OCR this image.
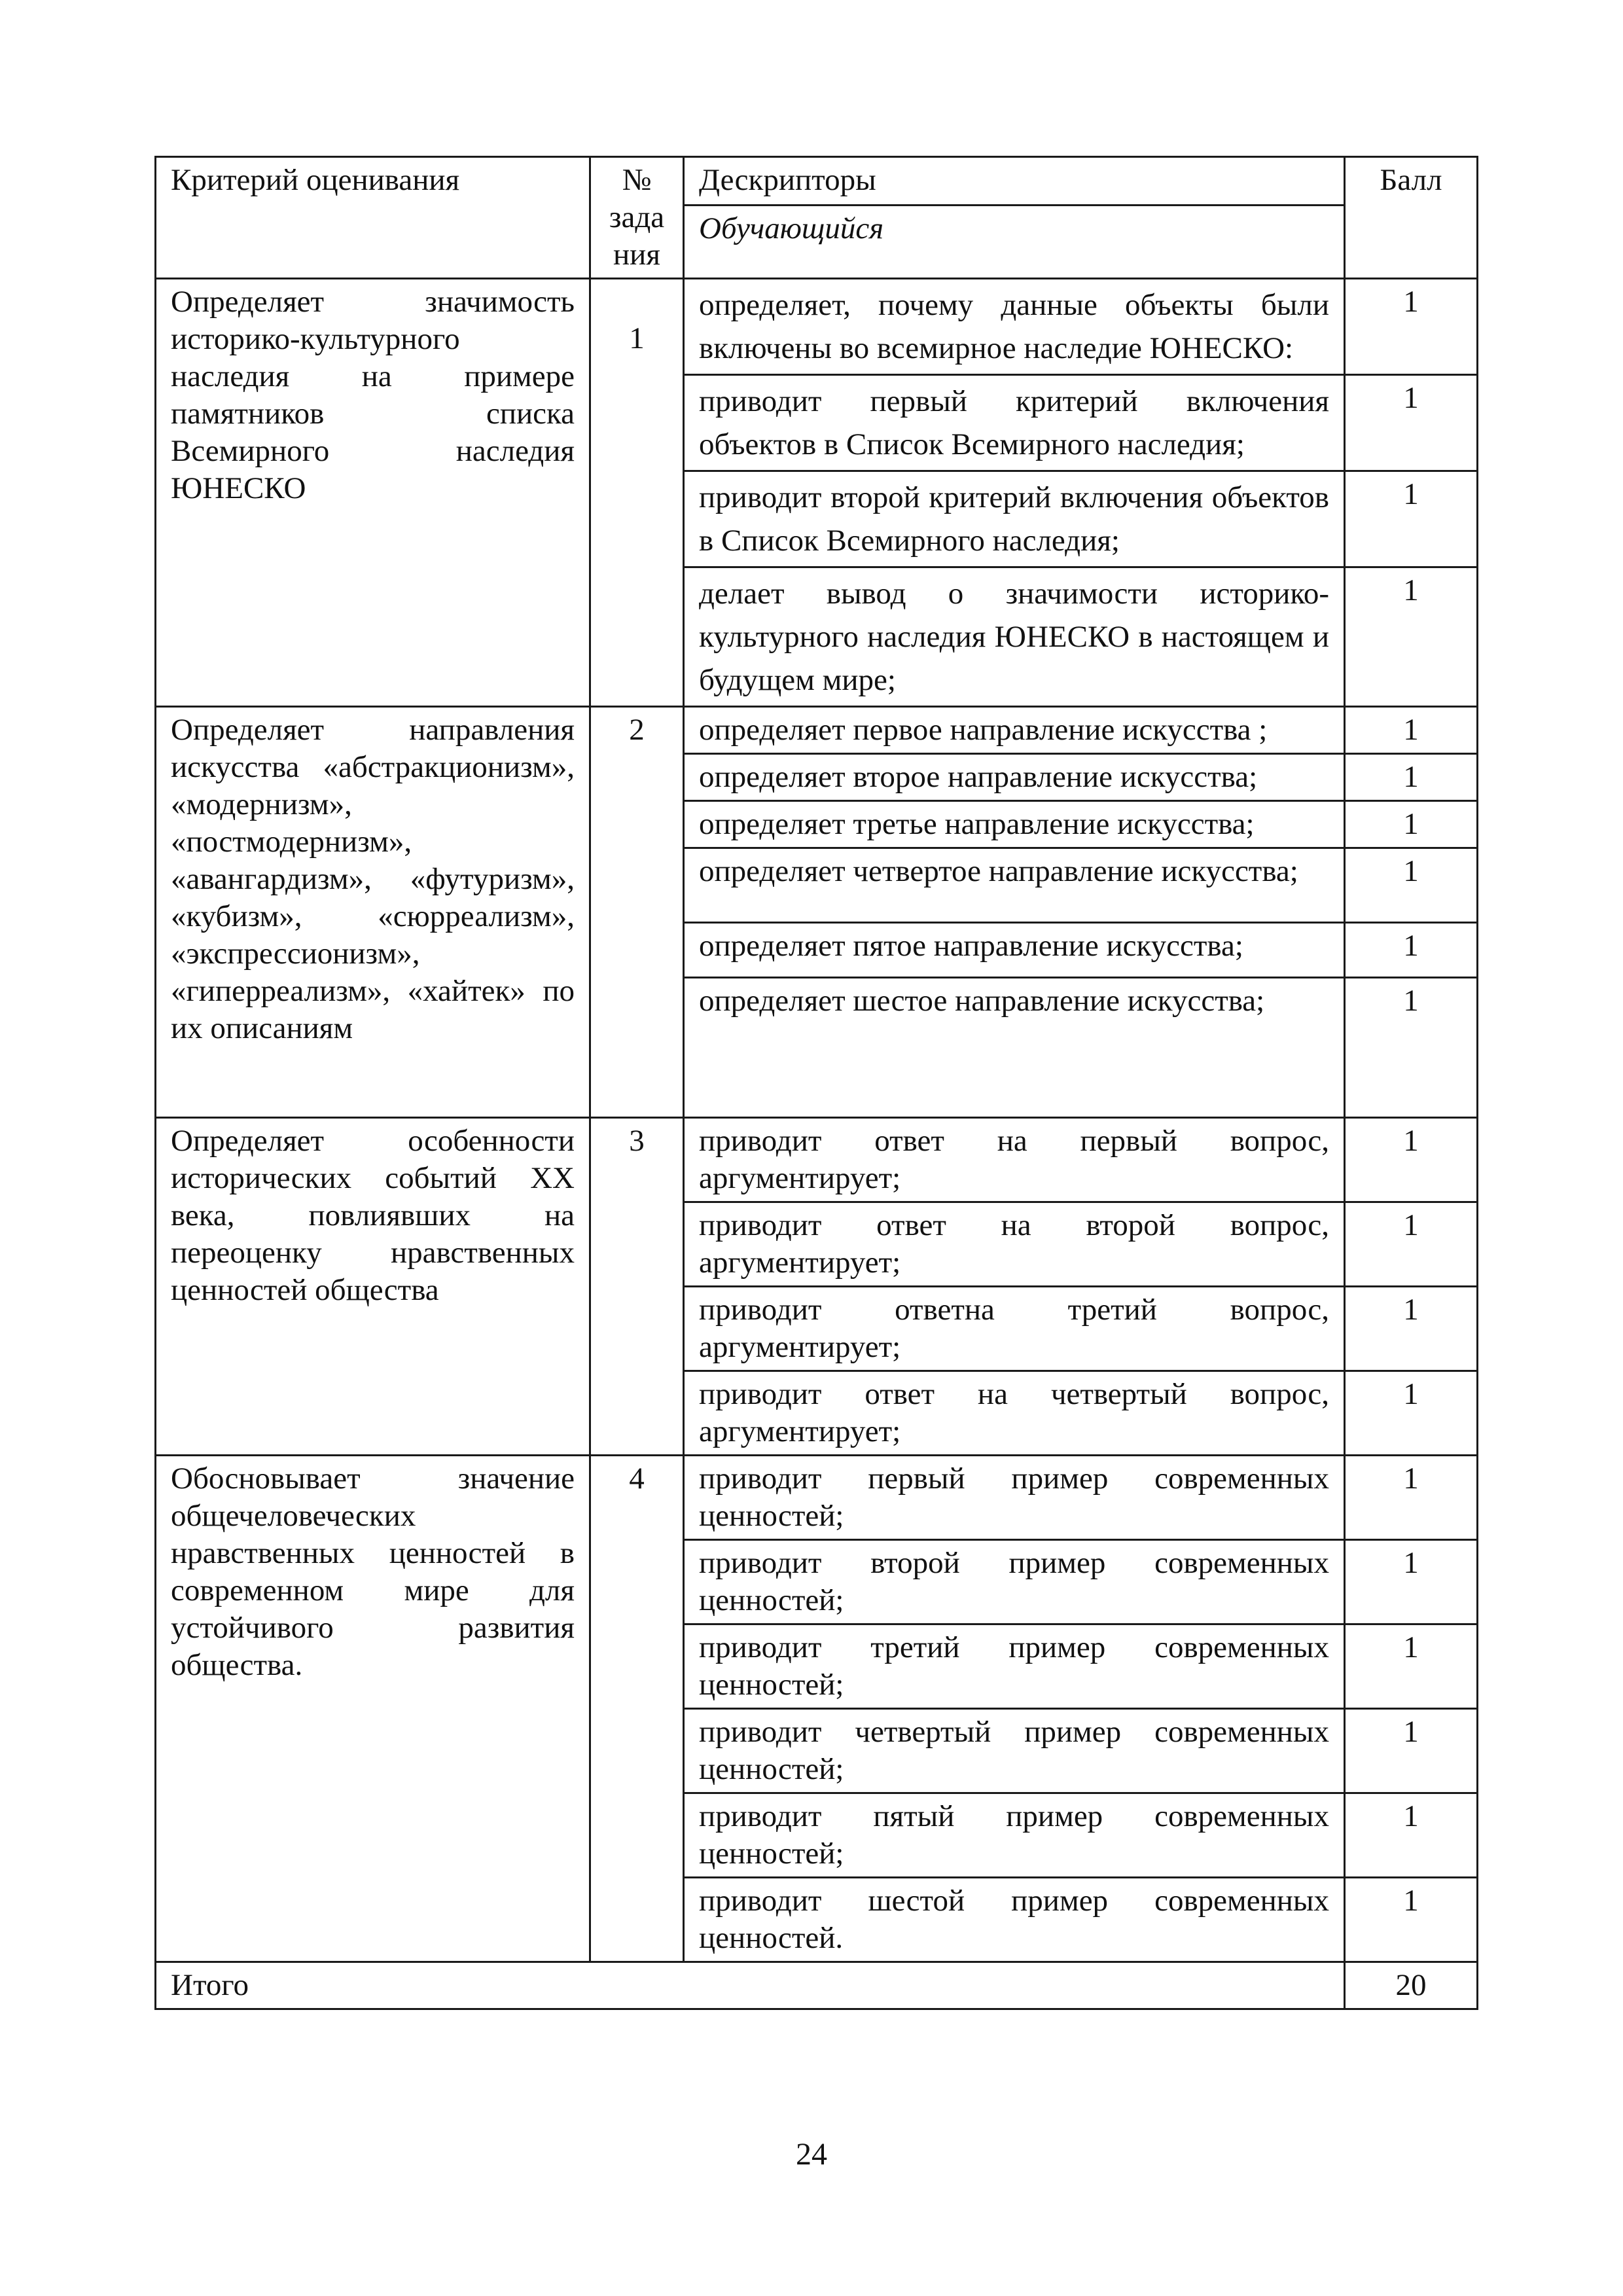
Критерий оценивания	№ зада ния	Дескрипторы	Балл
		Обучающийся	
Определяет значимость историко-культурного наследия на примере памятников списка Всемирного наследия ЮНЕСКО	1	определяет, почему данные объекты были включены во всемирное наследие ЮНЕСКО:	1
		приводит первый критерий включения объектов в Список Всемирного наследия;	1
		приводит второй критерий включения объектов в Список Всемирного наследия;	1
		делает вывод о значимости историко-культурного наследия ЮНЕСКО в настоящем и будущем мире;	1
Определяет направления искусства «абстракционизм», «модернизм», «постмодернизм», «авангардизм», «футуризм», «кубизм», «сюрреализм», «экспрессионизм», «гиперреализм», «хайтек» по их описаниям	2	определяет первое направление искусства ;	1
		определяет второе направление искусства;	1
		определяет третье направление искусства;	1
		определяет четвертое направление искусства;	1
		определяет пятое направление искусства;	1
		определяет шестое направление искусства;	1
Определяет особенности исторических событий XX века, повлиявших на переоценку нравственных ценностей общества	3	приводит ответ на первый вопрос, аргументирует;	1
		приводит ответ на второй вопрос, аргументирует;	1
		приводит ответна третий вопрос, аргументирует;	1
		приводит ответ на четвертый вопрос, аргументирует;	1
Обосновывает значение общечеловеческих нравственных ценностей в современном мире для устойчивого развития общества.	4	приводит первый пример современных ценностей;	1
		приводит второй пример современных ценностей;	1
		приводит третий пример современных ценностей;	1
		приводит четвертый пример современных ценностей;	1
		приводит пятый пример современных ценностей;	1
		приводит шестой пример современных ценностей.	1
Итого			20
24
